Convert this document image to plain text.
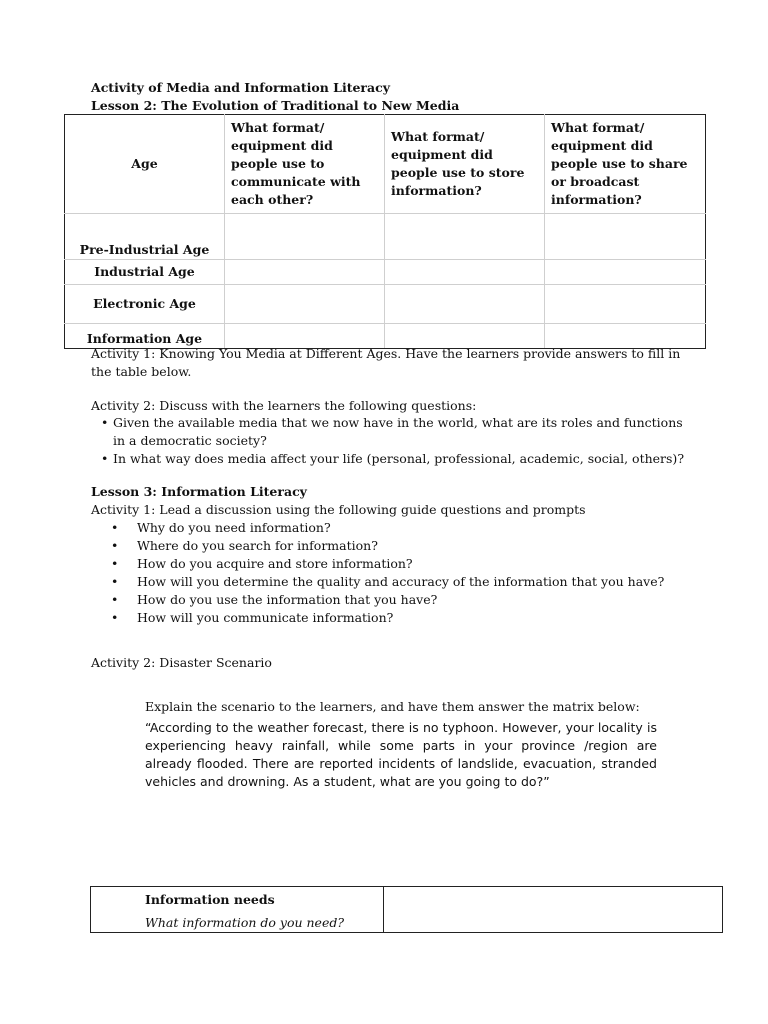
Activity of Media and Information Literacy
Lesson 2: The Evolution of Traditional to New Media
Age	What format/ equipment did people use to communicate with each other?	What format/ equipment did people use to store information?	What format/ equipment did people use to share or broadcast information?

Pre-Industrial Age			
Industrial Age			
Electronic Age			
Information Age			
Activity 1: Knowing You Media at Different Ages. Have the learners provide answers to fill in the table below.
Activity 2: Discuss with the learners the following questions:
• Given the available media that we now have in the world, what are its roles and functions in a democratic society?
• In what way does media affect your life (personal, professional, academic, social, others)?
Lesson 3: Information Literacy
Activity 1: Lead a discussion using the following guide questions and prompts
• Why do you need information?
• Where do you search for information?
• How do you acquire and store information?
• How will you determine the quality and accuracy of the information that you have?
• How do you use the information that you have?
• How will you communicate information?
Activity 2: Disaster Scenario
Explain the scenario to the learners, and have them answer the matrix below:
“According to the weather forecast, there is no typhoon. However, your locality is experiencing heavy rainfall, while some parts in your province /region are already flooded. There are reported incidents of landslide, evacuation, stranded vehicles and drowning. As a student, what are you going to do?”
Information needs
What information do you need?
